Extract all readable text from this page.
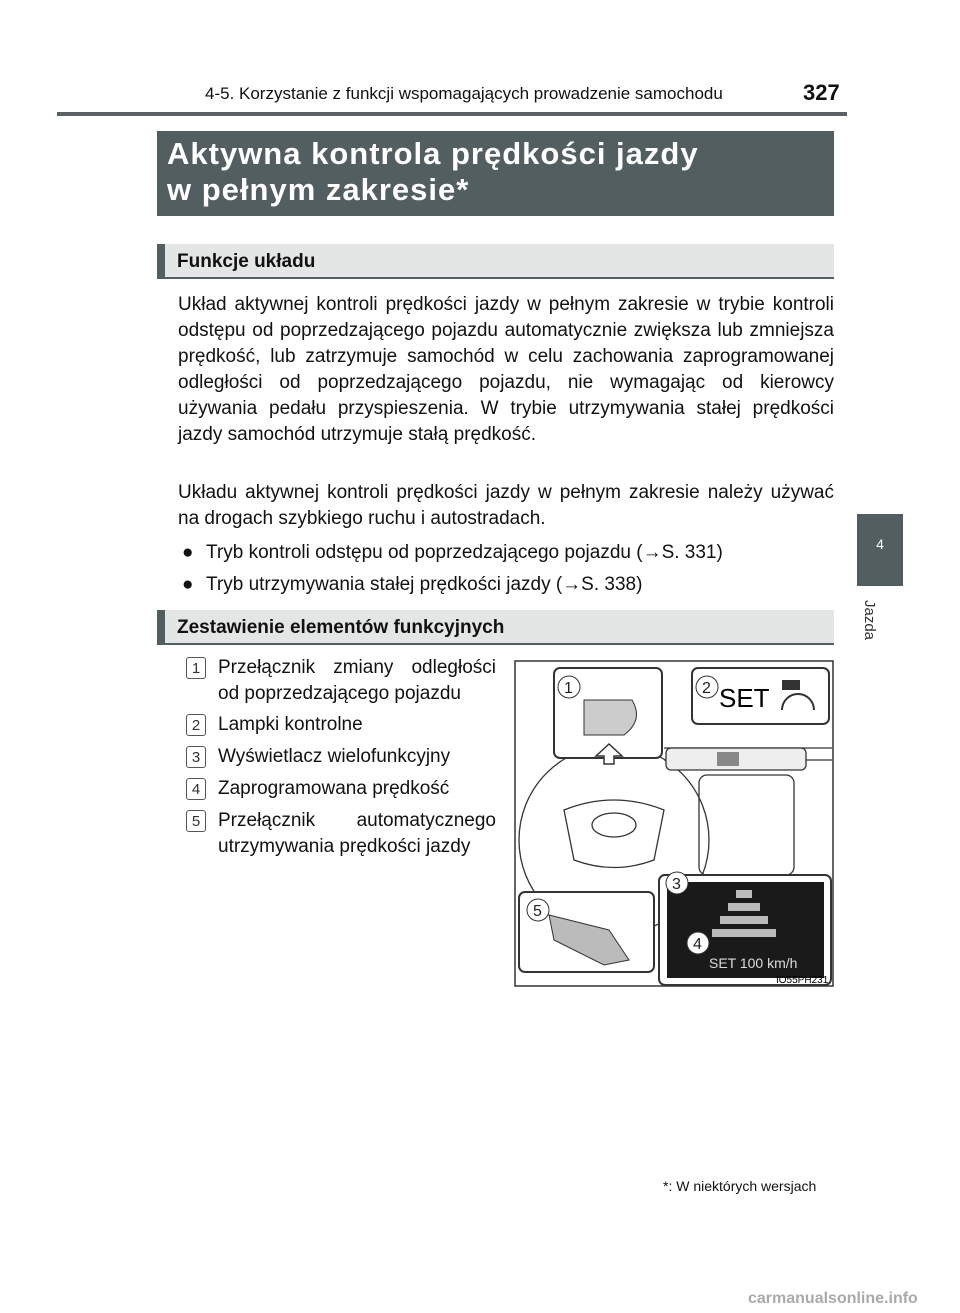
4-5. Korzystanie z funkcji wspomagających prowadzenie samochodu	327
Aktywna kontrola prędkości jazdy
w pełnym zakresie*
Funkcje układu
Układ aktywnej kontroli prędkości jazdy w pełnym zakresie w trybie kontroli odstępu od poprzedzającego pojazdu automatycznie zwiększa lub zmniejsza prędkość, lub zatrzymuje samochód w celu zachowania zaprogramowanej odległości od poprzedzającego pojazdu, nie wymagając od kierowcy używania pedału przyspieszenia. W trybie utrzymywania stałej prędkości jazdy samochód utrzymuje stałą prędkość.
Układu aktywnej kontroli prędkości jazdy w pełnym zakresie należy używać na drogach szybkiego ruchu i autostradach.
● Tryb kontroli odstępu od poprzedzającego pojazdu (→S. 331)
● Tryb utrzymywania stałej prędkości jazdy (→S. 338)
Zestawienie elementów funkcyjnych
1 Przełącznik zmiany odległości od poprzedzającego pojazdu
2 Lampki kontrolne
3 Wyświetlacz wielofunkcyjny
4 Zaprogramowana prędkość
5 Przełącznik automatycznego utrzymywania prędkości jazdy
SET
SET 100 km/h
1	2
3
4
5
IO55PH231
4
Jazda
*: W niektórych wersjach
carmanualsonline.info
